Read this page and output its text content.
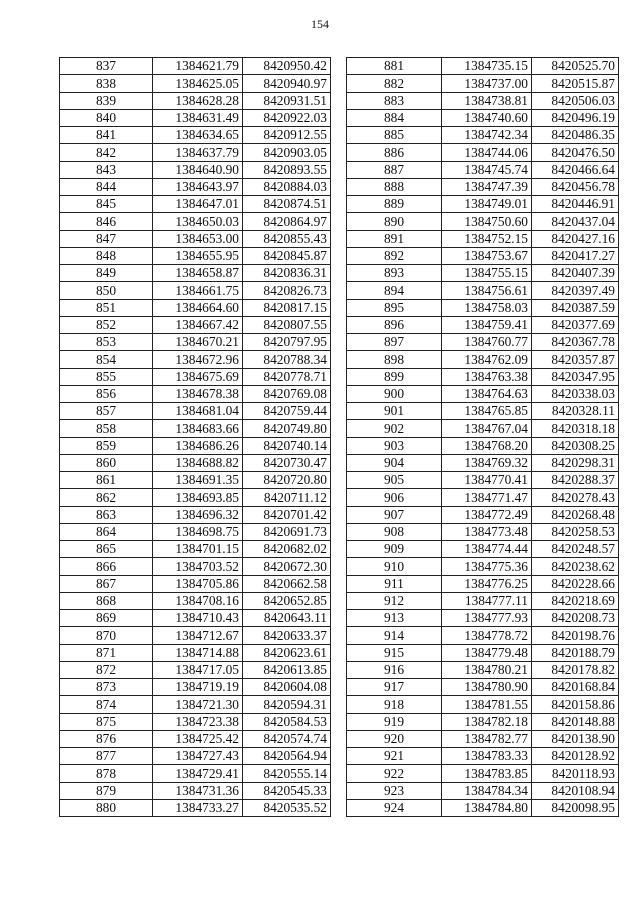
154
837	1384621.79	8420950.42
838	1384625.05	8420940.97
839	1384628.28	8420931.51
840	1384631.49	8420922.03
841	1384634.65	8420912.55
842	1384637.79	8420903.05
843	1384640.90	8420893.55
844	1384643.97	8420884.03
845	1384647.01	8420874.51
846	1384650.03	8420864.97
847	1384653.00	8420855.43
848	1384655.95	8420845.87
849	1384658.87	8420836.31
850	1384661.75	8420826.73
851	1384664.60	8420817.15
852	1384667.42	8420807.55
853	1384670.21	8420797.95
854	1384672.96	8420788.34
855	1384675.69	8420778.71
856	1384678.38	8420769.08
857	1384681.04	8420759.44
858	1384683.66	8420749.80
859	1384686.26	8420740.14
860	1384688.82	8420730.47
861	1384691.35	8420720.80
862	1384693.85	8420711.12
863	1384696.32	8420701.42
864	1384698.75	8420691.73
865	1384701.15	8420682.02
866	1384703.52	8420672.30
867	1384705.86	8420662.58
868	1384708.16	8420652.85
869	1384710.43	8420643.11
870	1384712.67	8420633.37
871	1384714.88	8420623.61
872	1384717.05	8420613.85
873	1384719.19	8420604.08
874	1384721.30	8420594.31
875	1384723.38	8420584.53
876	1384725.42	8420574.74
877	1384727.43	8420564.94
878	1384729.41	8420555.14
879	1384731.36	8420545.33
880	1384733.27	8420535.52
881	1384735.15	8420525.70
882	1384737.00	8420515.87
883	1384738.81	8420506.03
884	1384740.60	8420496.19
885	1384742.34	8420486.35
886	1384744.06	8420476.50
887	1384745.74	8420466.64
888	1384747.39	8420456.78
889	1384749.01	8420446.91
890	1384750.60	8420437.04
891	1384752.15	8420427.16
892	1384753.67	8420417.27
893	1384755.15	8420407.39
894	1384756.61	8420397.49
895	1384758.03	8420387.59
896	1384759.41	8420377.69
897	1384760.77	8420367.78
898	1384762.09	8420357.87
899	1384763.38	8420347.95
900	1384764.63	8420338.03
901	1384765.85	8420328.11
902	1384767.04	8420318.18
903	1384768.20	8420308.25
904	1384769.32	8420298.31
905	1384770.41	8420288.37
906	1384771.47	8420278.43
907	1384772.49	8420268.48
908	1384773.48	8420258.53
909	1384774.44	8420248.57
910	1384775.36	8420238.62
911	1384776.25	8420228.66
912	1384777.11	8420218.69
913	1384777.93	8420208.73
914	1384778.72	8420198.76
915	1384779.48	8420188.79
916	1384780.21	8420178.82
917	1384780.90	8420168.84
918	1384781.55	8420158.86
919	1384782.18	8420148.88
920	1384782.77	8420138.90
921	1384783.33	8420128.92
922	1384783.85	8420118.93
923	1384784.34	8420108.94
924	1384784.80	8420098.95
